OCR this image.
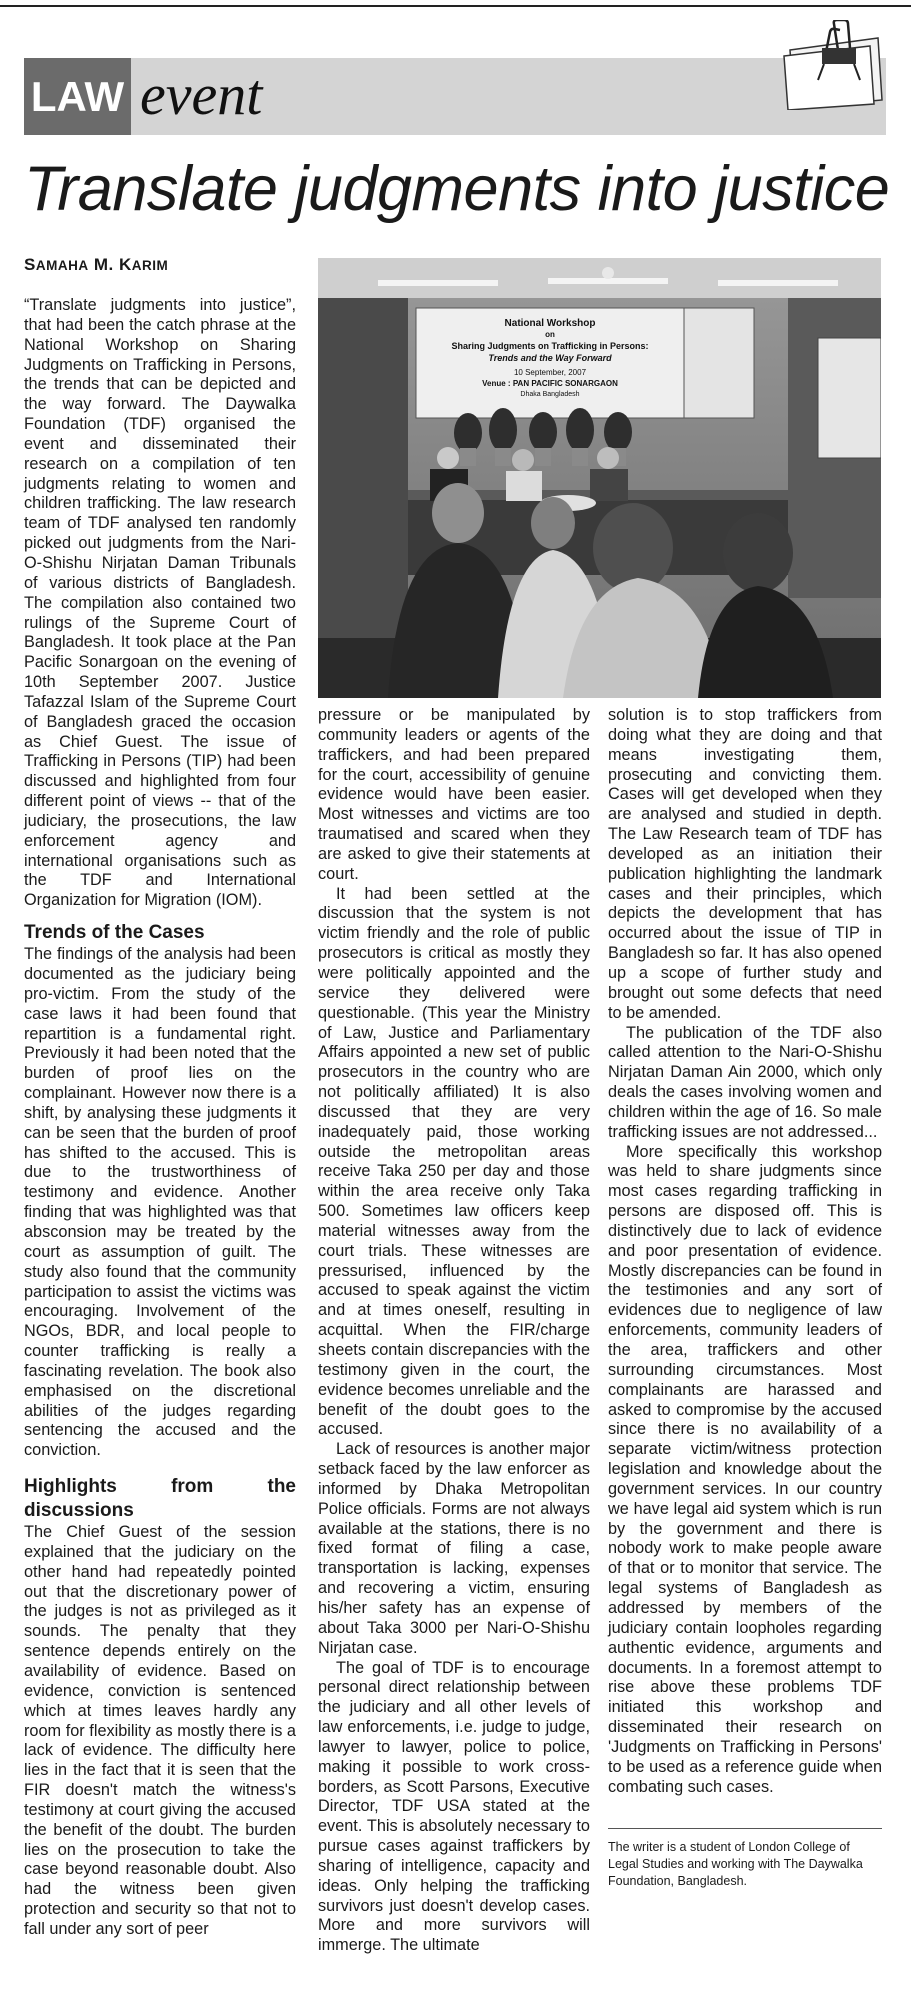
LAW event
Translate judgments into justice
SAMAHA M. KARIM
National Workshop
on
Sharing Judgments on Trafficking in Persons:
Trends and the Way Forward
10 September, 2007
Venue : PAN PACIFIC SONARGAON
Dhaka Bangladesh

“Translate judgments into justice”, that had been the catch phrase at the National Workshop on Sharing Judgments on Trafficking in Persons, the trends that can be depicted and the way forward. The Daywalka Foundation (TDF) organised the event and disseminated their research on a compilation of ten judgments relating to women and children trafficking. The law research team of TDF analysed ten randomly picked out judgments from the Nari-O-Shishu Nirjatan Daman Tribunals of various districts of Bangladesh. The compilation also contained two rulings of the Supreme Court of Bangladesh. It took place at the Pan Pacific Sonargoan on the evening of 10th September 2007. Justice Tafazzal Islam of the Supreme Court of Bangladesh graced the occasion as Chief Guest. The issue of Trafficking in Persons (TIP) had been discussed and highlighted from four different point of views -- that of the judiciary, the prosecutions, the law enforcement agency and international organisations such as the TDF and International Organization for Migration (IOM).

Trends of the Cases

The findings of the analysis had been documented as the judiciary being pro-victim. From the study of the case laws it had been found that repartition is a fundamental right. Previously it had been noted that the burden of proof lies on the complainant. However now there is a shift, by analysing these judgments it can be seen that the burden of proof has shifted to the accused. This is due to the trustworthiness of testimony and evidence. Another finding that was highlighted was that absconsion may be treated by the court as assumption of guilt. The study also found that the community participation to assist the victims was encouraging. Involvement of the NGOs, BDR, and local people to counter trafficking is really a fascinating revelation. The book also emphasised on the discretional abilities of the judges regarding sentencing the accused and the conviction.

Highlights from the discussions

The Chief Guest of the session explained that the judiciary on the other hand had repeatedly pointed out that the discretionary power of the judges is not as privileged as it sounds. The penalty that they sentence depends entirely on the availability of evidence. Based on evidence, conviction is sentenced which at times leaves hardly any room for flexibility as mostly there is a lack of evidence. The difficulty here lies in the fact that it is seen that the FIR doesn't match the witness's testimony at court giving the accused the benefit of the doubt. The burden lies on the prosecution to take the case beyond reasonable doubt. Also had the witness been given protection and security so that not to fall under any sort of peer

pressure or be manipulated by community leaders or agents of the traffickers, and had been prepared for the court, accessibility of genuine evidence would have been easier. Most witnesses and victims are too traumatised and scared when they are asked to give their statements at court.

It had been settled at the discussion that the system is not victim friendly and the role of public prosecutors is critical as mostly they were politically appointed and the service they delivered were questionable. (This year the Ministry of Law, Justice and Parliamentary Affairs appointed a new set of public prosecutors in the country who are not politically affiliated) It is also discussed that they are very inadequately paid, those working outside the metropolitan areas receive Taka 250 per day and those within the area receive only Taka 500. Sometimes law officers keep material witnesses away from the court trials. These witnesses are pressurised, influenced by the accused to speak against the victim and at times oneself, resulting in acquittal. When the FIR/charge sheets contain discrepancies with the testimony given in the court, the evidence becomes unreliable and the benefit of the doubt goes to the accused.

Lack of resources is another major setback faced by the law enforcer as informed by Dhaka Metropolitan Police officials. Forms are not always available at the stations, there is no fixed format of filing a case, transportation is lacking, expenses and recovering a victim, ensuring his/her safety has an expense of about Taka 3000 per Nari-O-Shishu Nirjatan case.

The goal of TDF is to encourage personal direct relationship between the judiciary and all other levels of law enforcements, i.e. judge to judge, lawyer to lawyer, police to police, making it possible to work cross-borders, as Scott Parsons, Executive Director, TDF USA stated at the event. This is absolutely necessary to pursue cases against traffickers by sharing of intelligence, capacity and ideas. Only helping the trafficking survivors just doesn't develop cases. More and more survivors will immerge. The ultimate

solution is to stop traffickers from doing what they are doing and that means investigating them, prosecuting and convicting them. Cases will get developed when they are analysed and studied in depth. The Law Research team of TDF has developed as an initiation their publication highlighting the landmark cases and their principles, which depicts the development that has occurred about the issue of TIP in Bangladesh so far. It has also opened up a scope of further study and brought out some defects that need to be amended.

The publication of the TDF also called attention to the Nari-O-Shishu Nirjatan Daman Ain 2000, which only deals the cases involving women and children within the age of 16. So male trafficking issues are not addressed...

More specifically this workshop was held to share judgments since most cases regarding trafficking in persons are disposed off. This is distinctively due to lack of evidence and poor presentation of evidence. Mostly discrepancies can be found in the testimonies and any sort of evidences due to negligence of law enforcements, community leaders of the area, traffickers and other surrounding circumstances. Most complainants are harassed and asked to compromise by the accused since there is no availability of a separate victim/witness protection legislation and knowledge about the government services. In our country we have legal aid system which is run by the government and there is nobody work to make people aware of that or to monitor that service. The legal systems of Bangladesh as addressed by members of the judiciary contain loopholes regarding authentic evidence, arguments and documents. In a foremost attempt to rise above these problems TDF initiated this workshop and disseminated their research on 'Judgments on Trafficking in Persons' to be used as a reference guide when combating such cases.

The writer is a student of London College of Legal Studies and working with The Daywalka Foundation, Bangladesh.
